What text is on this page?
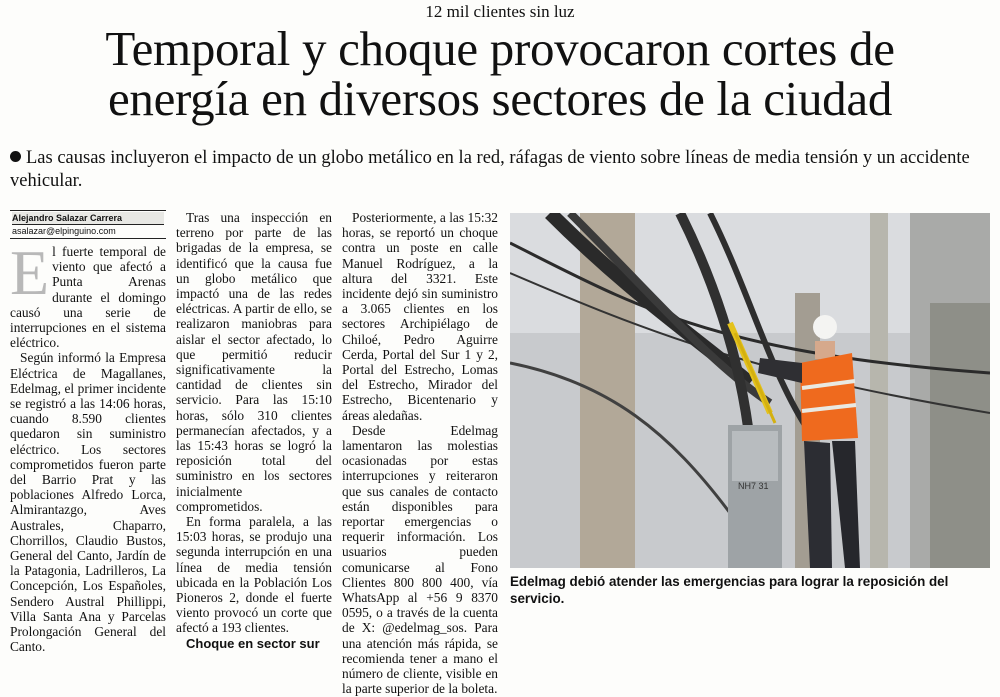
12 mil clientes sin luz
Temporal y choque provocaron cortes de
energía en diversos sectores de la ciudad

Las causas incluyeron el impacto de un globo metálico en la red, ráfagas de viento sobre líneas de media tensión y un accidente vehicular.

Alejandro Salazar Carrera
asalazar@elpinguino.com

El fuerte temporal de viento que afectó a Punta Arenas durante el domingo causó una serie de interrupciones en el sistema eléctrico.

Según informó la Empresa Eléctrica de Magallanes, Edelmag, el primer incidente se registró a las 14:06 horas, cuando 8.590 clientes quedaron sin suministro eléctrico. Los sectores comprometidos fueron parte del Barrio Prat y las poblaciones Alfredo Lorca, Almirantazgo, Aves Australes, Chaparro, Chorrillos, Claudio Bustos, General del Canto, Jardín de la Patagonia, Ladrilleros, La Concepción, Los Españoles, Sendero Austral Phillippi, Villa Santa Ana y Parcelas Prolongación General del Canto.

Tras una inspección en terreno por parte de las brigadas de la empresa, se identificó que la causa fue un globo metálico que impactó una de las redes eléctricas. A partir de ello, se realizaron maniobras para aislar el sector afectado, lo que permitió reducir significativamente la cantidad de clientes sin servicio. Para las 15:10 horas, sólo 310 clientes permanecían afectados, y a las 15:43 horas se logró la reposición total del suministro en los sectores inicialmente comprometidos.

En forma paralela, a las 15:03 horas, se produjo una segunda interrupción en una línea de media tensión ubicada en la Población Los Pioneros 2, donde el fuerte viento provocó un corte que afectó a 193 clientes.

Choque en sector sur

Posteriormente, a las 15:32 horas, se reportó un choque contra un poste en calle Manuel Rodríguez, a la altura del 3321. Este incidente dejó sin suministro a 3.065 clientes en los sectores Archipiélago de Chiloé, Pedro Aguirre Cerda, Portal del Sur 1 y 2, Portal del Estrecho, Lomas del Estrecho, Mirador del Estrecho, Bicentenario y áreas aledañas.

Desde Edelmag lamentaron las molestias ocasionadas por estas interrupciones y reiteraron que sus canales de contacto están disponibles para reportar emergencias o requerir información. Los usuarios pueden comunicarse al Fono Clientes 800 800 400, vía WhatsApp al +56 9 8370 0595, o a través de la cuenta de X: @edelmag_sos. Para una atención más rápida, se recomienda tener a mano el número de cliente, visible en la parte superior de la boleta.

NH7 31
Edelmag debió atender las emergencias para lograr la reposición del servicio.
